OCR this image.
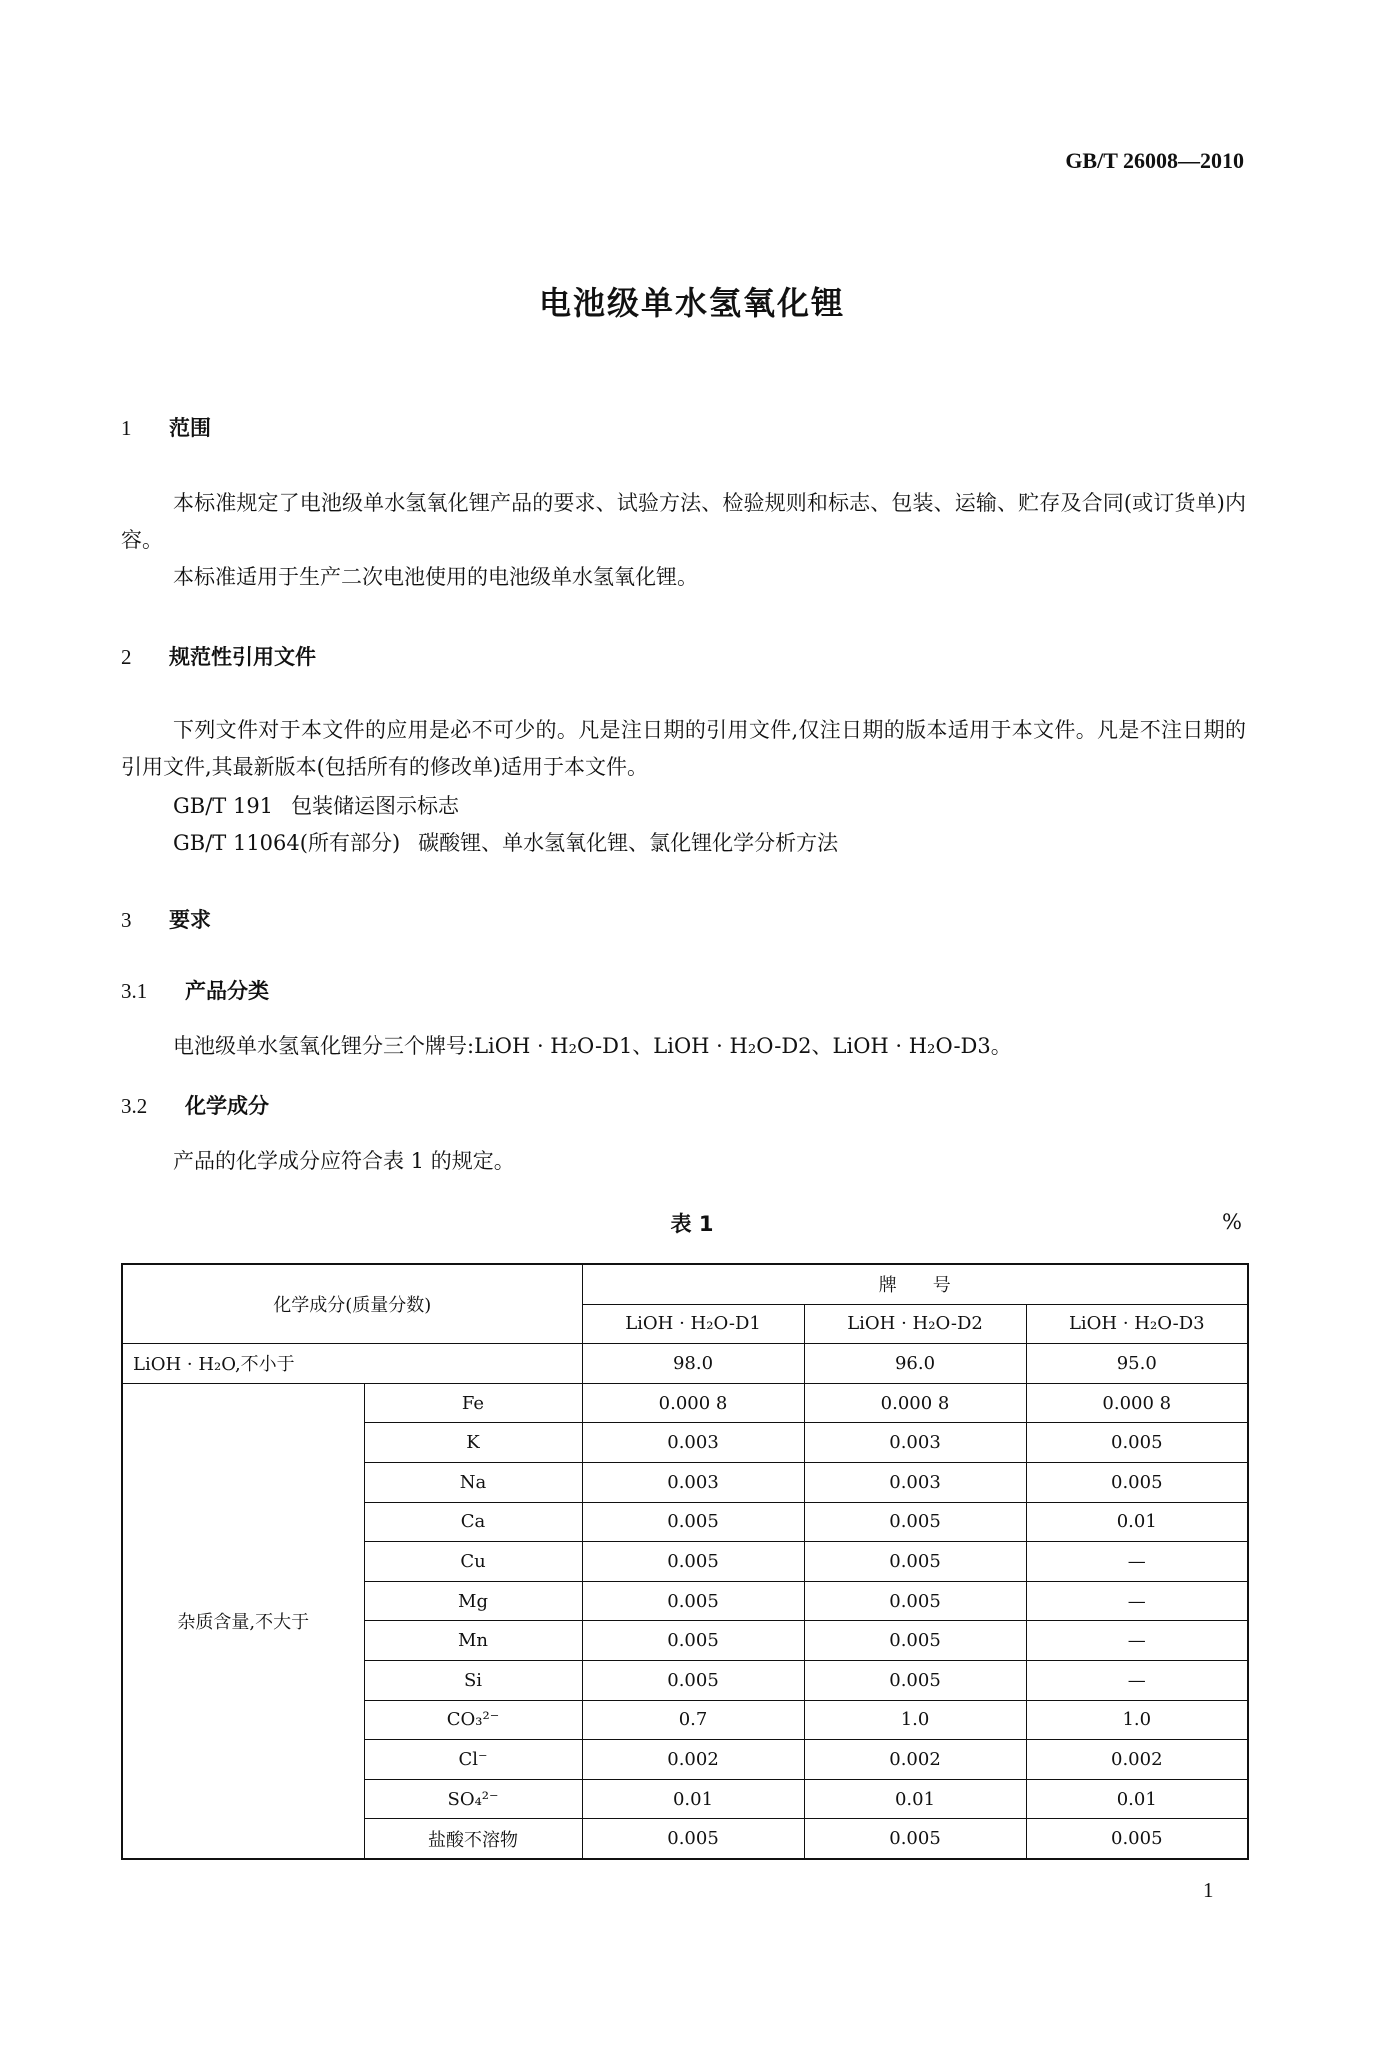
GB/T 26008—2010
电池级单水氢氧化锂
1 范围
本标准规定了电池级单水氢氧化锂产品的要求、试验方法、检验规则和标志、包装、运输、贮存及合同(或订货单)内容。
本标准适用于生产二次电池使用的电池级单水氢氧化锂。
2 规范性引用文件
下列文件对于本文件的应用是必不可少的。凡是注日期的引用文件,仅注日期的版本适用于本文件。凡是不注日期的引用文件,其最新版本(包括所有的修改单)适用于本文件。
GB/T 191 包装储运图示标志
GB/T 11064(所有部分) 碳酸锂、单水氢氧化锂、氯化锂化学分析方法
3 要求
3.1 产品分类
电池级单水氢氧化锂分三个牌号:LiOH · H₂O-D1、LiOH · H₂O-D2、LiOH · H₂O-D3。
3.2 化学成分
产品的化学成分应符合表 1 的规定。
表 1	%
化学成分(质量分数)		牌　　号		
		LiOH · H₂O-D1	LiOH · H₂O-D2	LiOH · H₂O-D3
LiOH · H₂O,不小于		98.0	96.0	95.0
杂质含量,不大于	Fe	0.000 8	0.000 8	0.000 8
	K	0.003	0.003	0.005
	Na	0.003	0.003	0.005
	Ca	0.005	0.005	0.01
	Cu	0.005	0.005	—
	Mg	0.005	0.005	—
	Mn	0.005	0.005	—
	Si	0.005	0.005	—
	CO₃²⁻	0.7	1.0	1.0
	Cl⁻	0.002	0.002	0.002
	SO₄²⁻	0.01	0.01	0.01
	盐酸不溶物	0.005	0.005	0.005
1
